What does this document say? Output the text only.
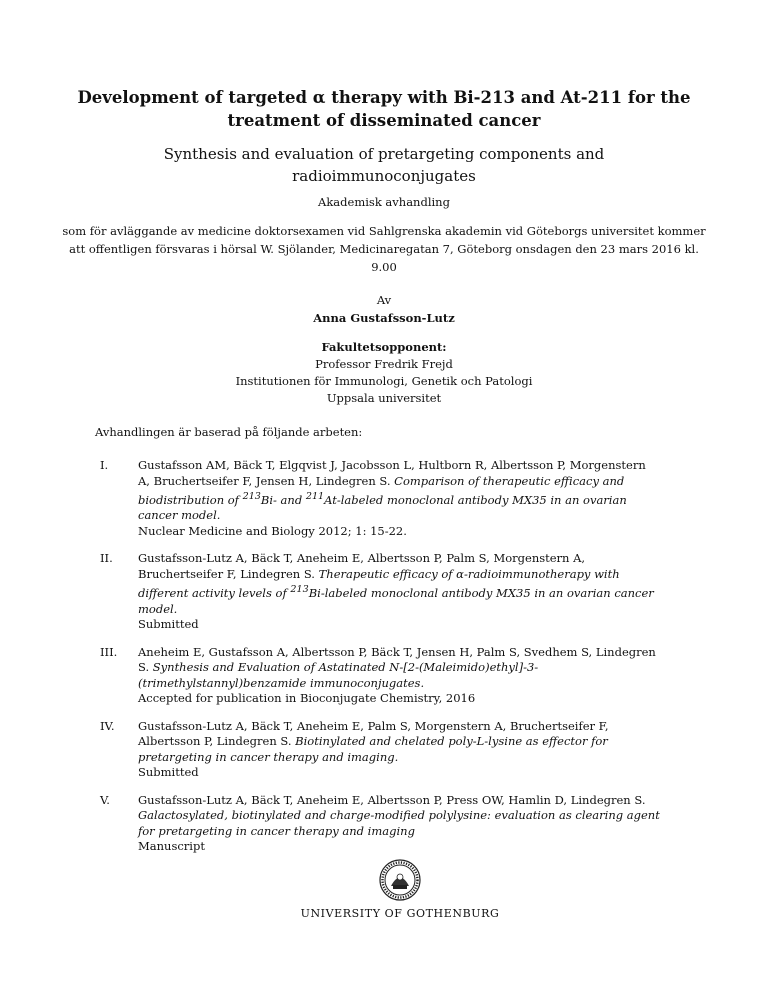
Development of targeted α therapy with Bi-213 and At-211 for the treatment of disseminated cancer
Synthesis and evaluation of pretargeting components and radioimmunoconjugates
Akademisk avhandling
som för avläggande av medicine doktorsexamen vid Sahlgrenska akademin vid Göteborgs universitet kommer att offentligen försvaras i hörsal W. Sjölander, Medicinaregatan 7, Göteborg onsdagen den 23 mars 2016 kl. 9.00
Av
Anna Gustafsson-Lutz
Fakultetsopponent:
Professor Fredrik Frejd
Institutionen för Immunologi, Genetik och Patologi
Uppsala universitet
Avhandlingen är baserad på följande arbeten:
I.	Gustafsson AM, Bäck T, Elgqvist J, Jacobsson L, Hultborn R, Albertsson P, Morgenstern A, Bruchertseifer F, Jensen H, Lindegren S. Comparison of therapeutic efficacy and biodistribution of $^{213}$Bi- and $^{211}$At-labeled monoclonal antibody MX35 in an ovarian cancer model.
Nuclear Medicine and Biology 2012; 1: 15-22.
II.	Gustafsson-Lutz A, Bäck T, Aneheim E, Albertsson P, Palm S, Morgenstern A, Bruchertseifer F, Lindegren S. Therapeutic efficacy of α-radioimmunotherapy with different activity levels of $^{213}$Bi-labeled monoclonal antibody MX35 in an ovarian cancer model.
Submitted
III.	Aneheim E, Gustafsson A, Albertsson P, Bäck T, Jensen H, Palm S, Svedhem S, Lindegren S. Synthesis and Evaluation of Astatinated N-[2-(Maleimido)ethyl]-3-(trimethylstannyl)benzamide immunoconjugates.
Accepted for publication in Bioconjugate Chemistry, 2016
IV.	Gustafsson-Lutz A, Bäck T, Aneheim E, Palm S, Morgenstern A, Bruchertseifer F, Albertsson P, Lindegren S. Biotinylated and chelated poly-L-lysine as effector for pretargeting in cancer therapy and imaging.
Submitted
V.	Gustafsson-Lutz A, Bäck T, Aneheim E, Albertsson P, Press OW, Hamlin D, Lindegren S. Galactosylated, biotinylated and charge-modified polylysine: evaluation as clearing agent for pretargeting in cancer therapy and imaging
Manuscript
UNIVERSITY OF GOTHENBURG
